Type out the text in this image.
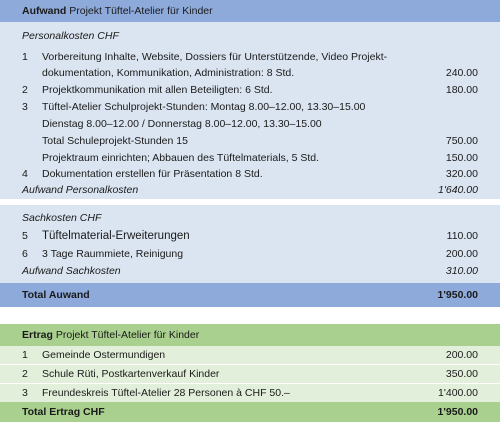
Aufwand Projekt Tüftel-Atelier für Kinder
Personalkosten CHF
1 Vorbereitung Inhalte, Website, Dossiers für Unterstützende, Video Projekt-
dokumentation, Kommunikation, Administration: 8 Std.	240.00
2 Projektkommunikation mit allen Beteiligten: 6 Std.	180.00
3 Tüftel-Atelier Schulprojekt-Stunden: Montag 8.00–12.00, 13.30–15.00
Dienstag 8.00–12.00 / Donnerstag 8.00–12.00, 13.30–15.00
Total Schuleprojekt-Stunden 15	750.00
Projektraum einrichten; Abbauen des Tüftelmaterials, 5 Std.	150.00
4 Dokumentation erstellen für Präsentation 8 Std.	320.00
Aufwand Personalkosten	1'640.00
Sachkosten CHF
5 Tüftelmaterial-Erweiterungen	110.00
6 3 Tage Raummiete, Reinigung	200.00
Aufwand Sachkosten	310.00
Total Auwand	1'950.00
Ertrag Projekt Tüftel-Atelier für Kinder
1 Gemeinde Ostermundigen	200.00
2 Schule Rüti, Postkartenverkauf Kinder	350.00
3 Freundeskreis Tüftel-Atelier 28 Personen à CHF 50.–	1'400.00
Total Ertrag CHF	1'950.00
